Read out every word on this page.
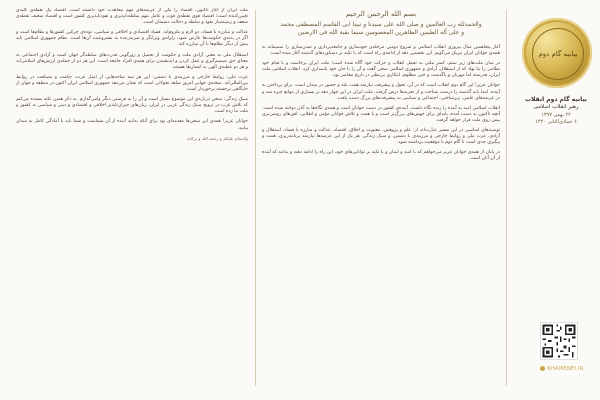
ملت ایران از آغاز تاکنون، اقتصاد را یکی از عرصه‌های مهم مجاهدت خود دانسته است. اقتصاد یک نقطه‌ی کلیدی تعیین‌کننده است؛ اقتصاد قوی نقطه‌ی قوت و عامل مهم سلطه‌ناپذیری و نفوذناپذیری کشور است و اقتصاد ضعیف نقطه‌ی ضعف و زمینه‌ساز نفوذ و سلطه و دخالت دشمنان است.

عدالت و مبارزه با فساد، دو لازم و ملزوم‌اند. فساد اقتصادی و اخلاقی و سیاسی، توده‌ی چرکین کشورها و نظام‌ها است و اگر در بدنه‌ی حکومت‌ها عارض شود، زلزله‌ی ویرانگر و ضربه‌زننده به مشروعیت آن‌ها است. نظام جمهوری اسلامی باید بیش از دیگر نظام‌ها با آن مبارزه کند.

استقلال ملی به معنی آزادی ملت و حکومت از تحمیل و زورگویی قدرت‌های سلطه‌گر جهان است و آزادی اجتماعی به معنای حق تصمیم‌گیری و عمل کردن و اندیشیدن برای همه‌ی افراد جامعه است. این هر دو از جمله‌ی ارزش‌های اسلامی‌اند و هر دو عطیه‌ی الهی به انسان‌ها هستند.

عزت ملی، روابط خارجی و مرزبندی با دشمن: این هر سه شاخه‌هایی از اصل عزت، حکمت و مصلحت در روابط بین‌المللی‌اند. صحنه‌ی جهانی امروز شاهد تحولاتی است که نشان می‌دهد جمهوری اسلامی ایران اکنون در منطقه و جهان از جایگاهی برجسته برخوردار است.

سبک زندگی: سخن درباره‌ی این موضوع بسیار است و آن را به فرصتی دیگر وامی‌گذارم. به ذکر همین نکته بسنده می‌کنم که تلاش غرب در ترویج سبک زندگی غربی در ایران، زیان‌های جبران‌ناپذیر اخلاقی و اقتصادی و دینی و سیاسی به کشور و ملت ما زده است.

جوانان عزیز! همه‌ی این سخن‌ها مقدمه‌ای بود برای آنکه بدانید آینده از آن شماست و شما باید با آمادگی کامل به میدان بیایید.

والسلام علیکم و رحمة الله و برکاته
بسم الله الرحمن الرحیم
والحمدلله رب العالمین و صلی الله علی سیدنا و نبینا ابی القاسم المصطفی محمد
و علی آله الطیبین الطاهرین المعصومین سیما بقیة الله فی الارضین

آغاز پنجاهمین سال پیروزی انقلاب اسلامی و شروع دومین مرحله‌ی خودسازی و جامعه‌پردازی و تمدن‌سازی را صمیمانه به همه‌ی جوانان ایران تبریک می‌گویم. این نخستین دهه از ادامه‌ی راه است که با تکیه بر دستاوردهای گذشته آغاز شده است.

در میان ملت‌های زیر ستم، کمتر ملتی به تحمل انقلاب و حرکت خود آگاه شده است؛ ملت ایران برخاست و با قیام خود نظامی را بنا نهاد که از استقلال، آزادی و جمهوری اسلامی سخن گفت و آن را با جان خود پاسداری کرد. انقلاب اسلامی ملت ایران، قدرتمند اما مهربان و باگذشت و حتی مظلوم، ابتکاری بی‌نظیر در تاریخ معاصر بود.

جوانان عزیز! این گام دوم انقلاب است که در آن، تحول و پیشرفت نیازمند همت بلند و حضور در میدان است. برای پرداختن به آینده، ابتدا باید گذشته را درست شناخت و از تجربه‌ها درس گرفت. ملت ایران در این چهار دهه بر بسیاری از موانع چیره شد و در عرصه‌های علمی، زیرساختی، اجتماعی و سیاسی به پیشرفت‌های بزرگ دست یافت.

انقلاب اسلامی امید به آینده را زنده نگاه داشت. آینده‌ی کشور در دست جوانان است و همه‌ی نگاه‌ها به آنان دوخته شده است. آنچه تاکنون به دست آمده، پایه‌ای برای جهش‌های بزرگ‌تر است و با همت و تلاش جوانان مؤمن و انقلابی، افق‌های روشن‌تری پیش روی ملت قرار خواهد گرفت.

توصیه‌های اساسی در این مسیر عبارت‌اند از: علم و پژوهش، معنویت و اخلاق، اقتصاد، عدالت و مبارزه با فساد، استقلال و آزادی، عزت ملی و روابط خارجی و مرزبندی با دشمن، و سبک زندگی. هر یک از این عرصه‌ها نیازمند برنامه‌ریزی، همت و پیگیری جدی است تا گام دوم با موفقیت برداشته شود.

در پایان از همه‌ی جوانان عزیز می‌خواهم که با امید و ایمان و با تکیه بر توانایی‌های خود، این راه را ادامه دهند و بدانند که آینده از آن آنان است.

بیانیه گام دوم
بیانیه گام دوم انقلاب
رهبر انقلاب اسلامی
۲۲ بهمن ۱۳۹۷
۶ جمادی‌الثانی ۱۴۴۰
KHAMENEI.IR
